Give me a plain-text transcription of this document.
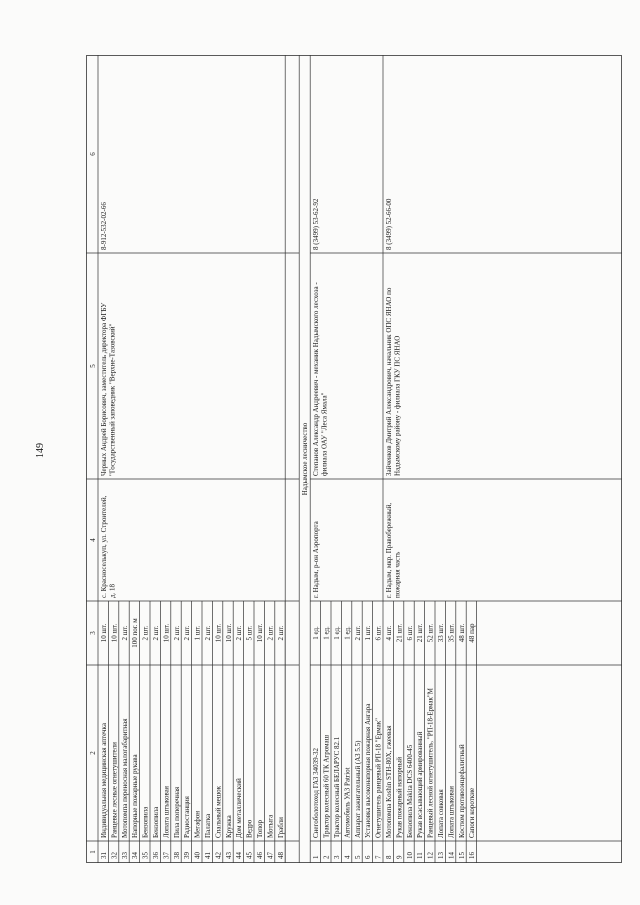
149
1
2
3
4
5
6
31
Индивидуальная медицинская аптечка
10 шт.
32
Ранцевые лесные огнетушители
10 шт.
33
Мотопомпа переносная малогабаритная
2 шт.
34
Напорные пожарные рукава
100 пог. м
35
Бензопила
2 шт.
36
Бензопила
2 шт.
37
Лопата штыковая
10 шт.
38
Пила поперечная
2 шт.
39
Радиостанция
2 шт.
40
Мегафон
1 шт.
41
Палатка
2 шт.
42
Спальный мешок
10 шт.
43
Кружка
10 шт.
44
Дом металлический
2 шт.
45
Ведро
5 шт.
46
Топор
10 шт.
47
Мотыга
2 шт.
48
Грабли
2 шт.
с. Красноселькуп, ул. Строителей, д. 18
Черных Андрей Борисович, заместитель директора ФГБУ "Государственный заповедник "Верхне-Тазовский"
8-912-532-02-66
Надымское лесничество
1
Снегоболотоход ГАЗ 34039-32
1 ед.
2
Трактор колесный 60 ТК Агромаш
1 ед.
3
Трактор колесный БЕЛАРУС 82.1
1 ед.
4
Автомобиль УАЗ Patriot
1 ед.
5
Аппарат зажигательный (АЗ 5.5)
2 шт.
6
Установка высоконапорная пожарная Ангара
1 шт.
7
Огнетушитель ранцевый РП-18 "Ермак"
6 шт.
8
Мотопомпа Koshin STH-80X, гжеевая
4 шт.
9
Рукав пожарный напорный
21 шт.
10
Бензопила Makita DCS 6400-45
6 шт.
11
Рукав всасывающий армированный
21 шт.
12
Ранцевый лесной огнетушитель, "РП-18-Ермак"М
52 шт.
13
Лопата совковая
33 шт.
14
Лопата штыковая
35 шт.
15
Костюм противоэнцефалитный
48 шт.
16
Сапоги короткие
48 пар
г. Надым, р-он Аэропорта
Степанов Александр Андреевич - механик Надымского лесхоза - филиала ОАУ "Леса Ямала"
8 (3499) 53-62-92
г. Надым, мкр. Правобережный, пожарная часть
Зайченков Дмитрий Александрович, начальник ОПС ЯНАО по Надымскому району - филиала ГКУ ПС ЯНАО
8 (3499) 52-66-00
